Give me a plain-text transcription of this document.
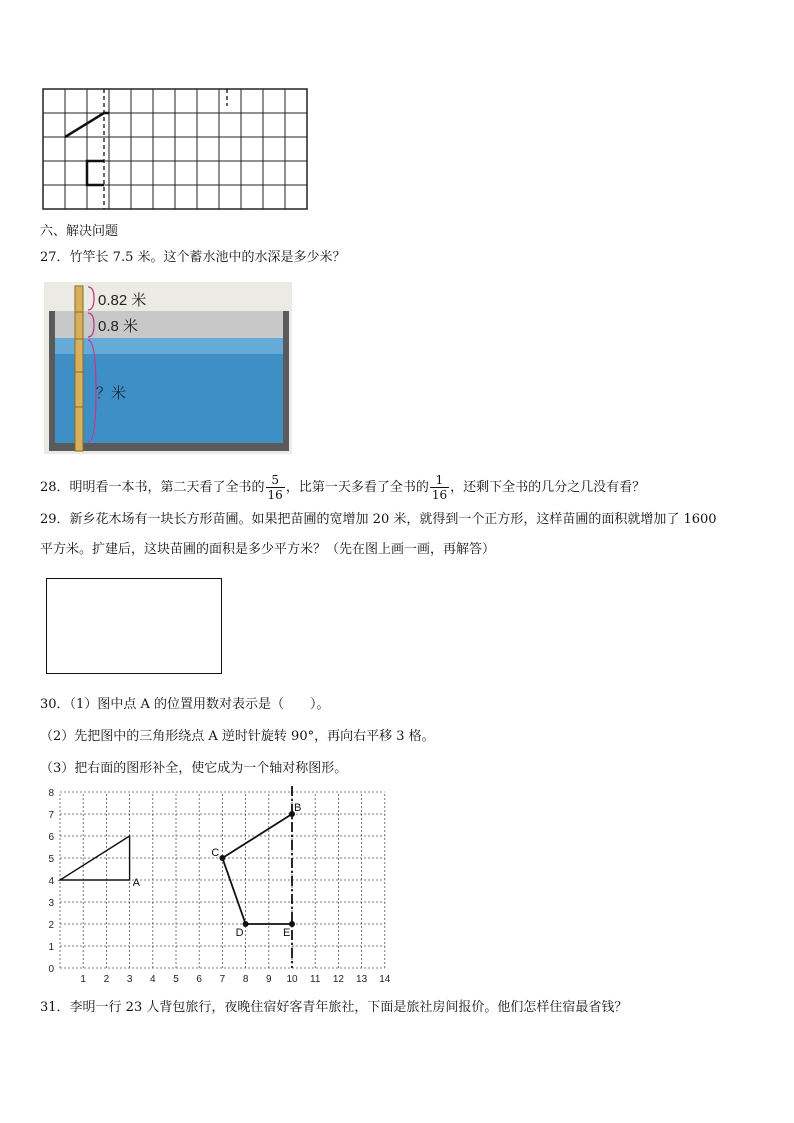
六、解决问题
27．竹竿长 7.5 米。这个蓄水池中的水深是多少米？
0.82 米
0.8 米
？米
28．明明看一本书，第二天看了全书的 $\frac{5}{16}$ ，比第一天多看了全书的 $\frac{1}{16}$ ，还剩下全书的几分之几没有看？
29．新乡花木场有一块长方形苗圃。如果把苗圃的宽增加 20 米，就得到一个正方形，这样苗圃的面积就增加了 1600
平方米。扩建后，这块苗圃的面积是多少平方米？（先在图上画一画，再解答）
30．（1）图中点 A 的位置用数对表示是（　　）。
（2）先把图中的三角形绕点 A 逆时针旋转 90°，再向右平移 3 格。
（3）把右面的图形补全，使它成为一个轴对称图形。
1 2 3 4 5 6 7 8 9 10 11 12 13 14
0
1
2
3
4
5
6
7
8
A
B
C
D	E
31．李明一行 23 人背包旅行，夜晚住宿好客青年旅社，下面是旅社房间报价。他们怎样住宿最省钱？
